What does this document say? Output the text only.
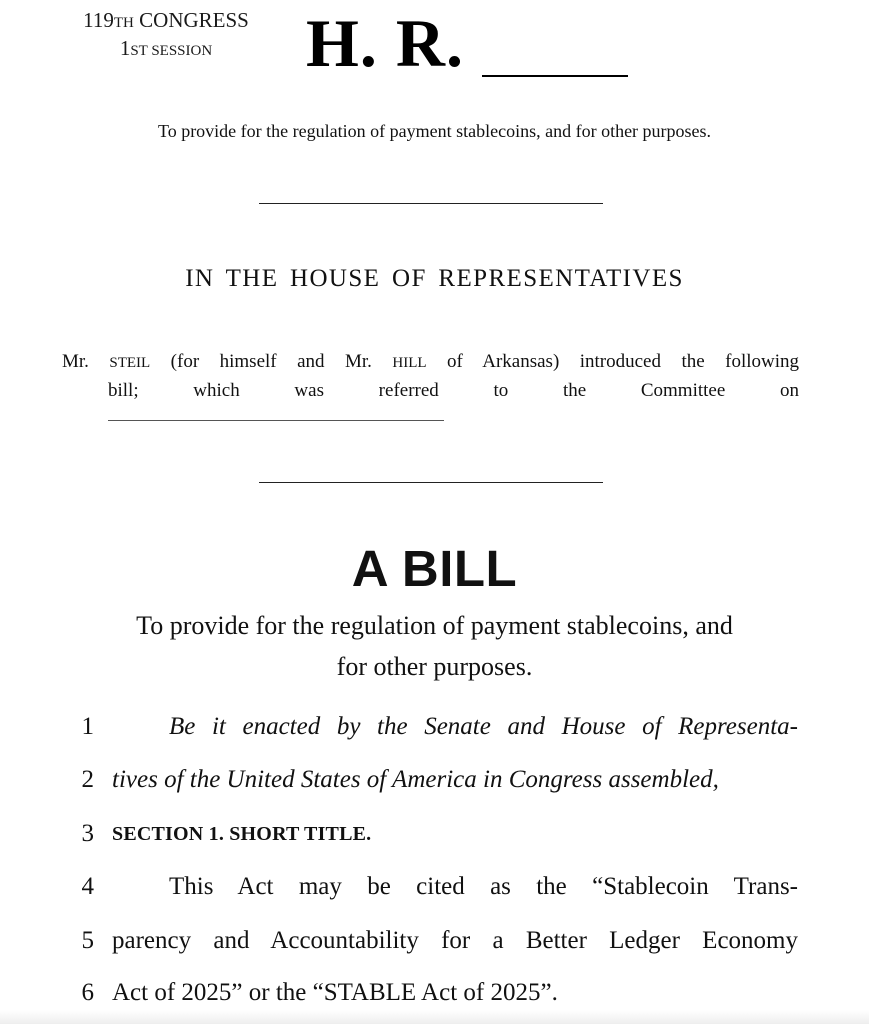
119TH CONGRESS
1ST SESSION	H. R.
To provide for the regulation of payment stablecoins, and for other purposes.
IN THE HOUSE OF REPRESENTATIVES
Mr. STEIL (for himself and Mr. HILL of Arkansas) introduced the following
bill; which was referred to the Committee on
A BILL
To provide for the regulation of payment stablecoins, and
for other purposes.
1	Be it enacted by the Senate and House of Representa-
2 tives of the United States of America in Congress assembled,
3 SECTION 1. SHORT TITLE.
4	This Act may be cited as the “Stablecoin Trans-
5 parency and Accountability for a Better Ledger Economy
6 Act of 2025” or the “STABLE Act of 2025”.
